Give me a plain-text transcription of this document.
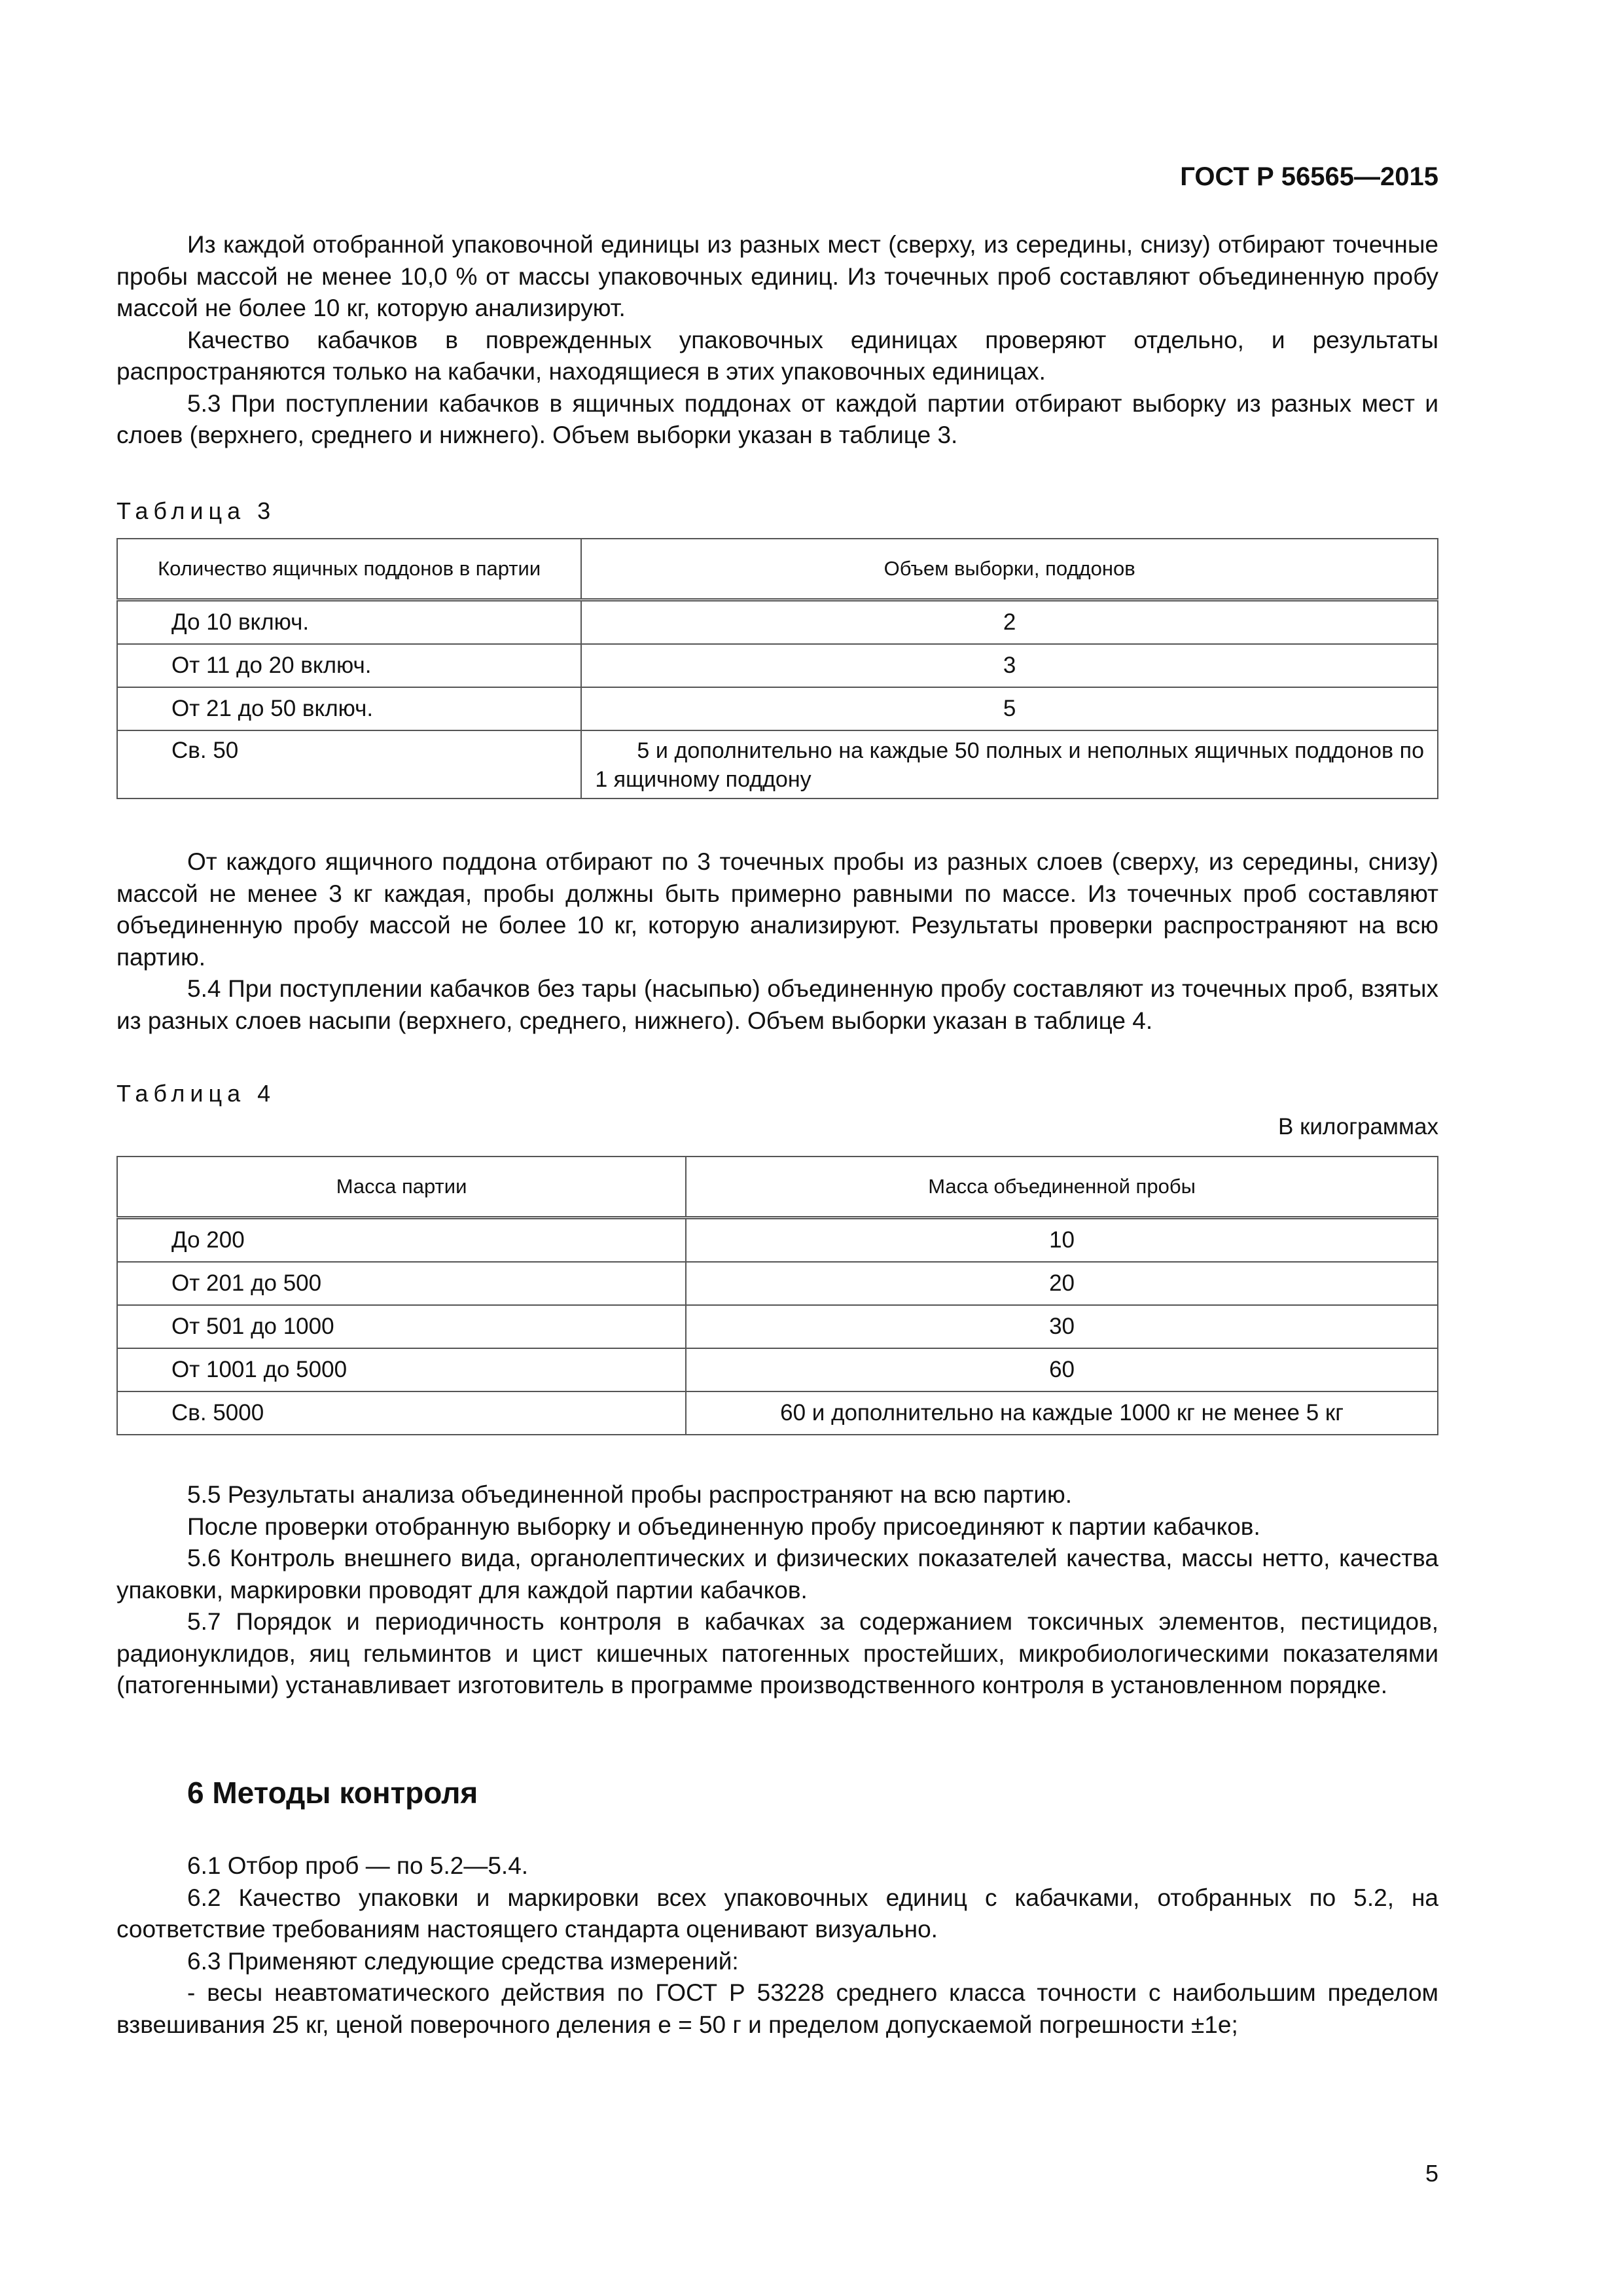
ГОСТ Р 56565—2015

Из каждой отобранной упаковочной единицы из разных мест (сверху, из середины, снизу) отбирают точечные пробы массой не менее 10,0 % от массы упаковочных единиц. Из точечных проб составляют объединенную пробу массой не более 10 кг, которую анализируют.

Качество кабачков в поврежденных упаковочных единицах проверяют отдельно, и результаты распространяются только на кабачки, находящиеся в этих упаковочных единицах.

5.3 При поступлении кабачков в ящичных поддонах от каждой партии отбирают выборку из разных мест и слоев (верхнего, среднего и нижнего). Объем выборки указан в таблице 3.

Таблица 3
Количество ящичных поддонов в партии	Объем выборки, поддонов
До 10 включ.	2
От 11 до 20 включ.	3
От 21 до 50 включ.	5
Св. 50	5 и дополнительно на каждые 50 полных и неполных ящичных поддонов по 1 ящичному поддону

От каждого ящичного поддона отбирают по 3 точечных пробы из разных слоев (сверху, из середины, снизу) массой не менее 3 кг каждая, пробы должны быть примерно равными по массе. Из точечных проб составляют объединенную пробу массой не более 10 кг, которую анализируют. Результаты проверки распространяют на всю партию.

5.4 При поступлении кабачков без тары (насыпью) объединенную пробу составляют из точечных проб, взятых из разных слоев насыпи (верхнего, среднего, нижнего). Объем выборки указан в таблице 4.

Таблица 4
В килограммах
Масса партии	Масса объединенной пробы
До 200	10
От 201 до 500	20
От 501 до 1000	30
От 1001 до 5000	60
Св. 5000	60 и дополнительно на каждые 1000 кг не менее 5 кг

5.5 Результаты анализа объединенной пробы распространяют на всю партию.

После проверки отобранную выборку и объединенную пробу присоединяют к партии кабачков.

5.6 Контроль внешнего вида, органолептических и физических показателей качества, массы нетто, качества упаковки, маркировки проводят для каждой партии кабачков.

5.7 Порядок и периодичность контроля в кабачках за содержанием токсичных элементов, пестицидов, радионуклидов, яиц гельминтов и цист кишечных патогенных простейших, микробиологическими показателями (патогенными) устанавливает изготовитель в программе производственного контроля в установленном порядке.

6 Методы контроля

6.1 Отбор проб — по 5.2—5.4.

6.2 Качество упаковки и маркировки всех упаковочных единиц с кабачками, отобранных по 5.2, на соответствие требованиям настоящего стандарта оценивают визуально.

6.3 Применяют следующие средства измерений:

- весы неавтоматического действия по ГОСТ Р 53228 среднего класса точности с наибольшим пределом взвешивания 25 кг, ценой поверочного деления е = 50 г и пределом допускаемой погрешности ±1е;

5
